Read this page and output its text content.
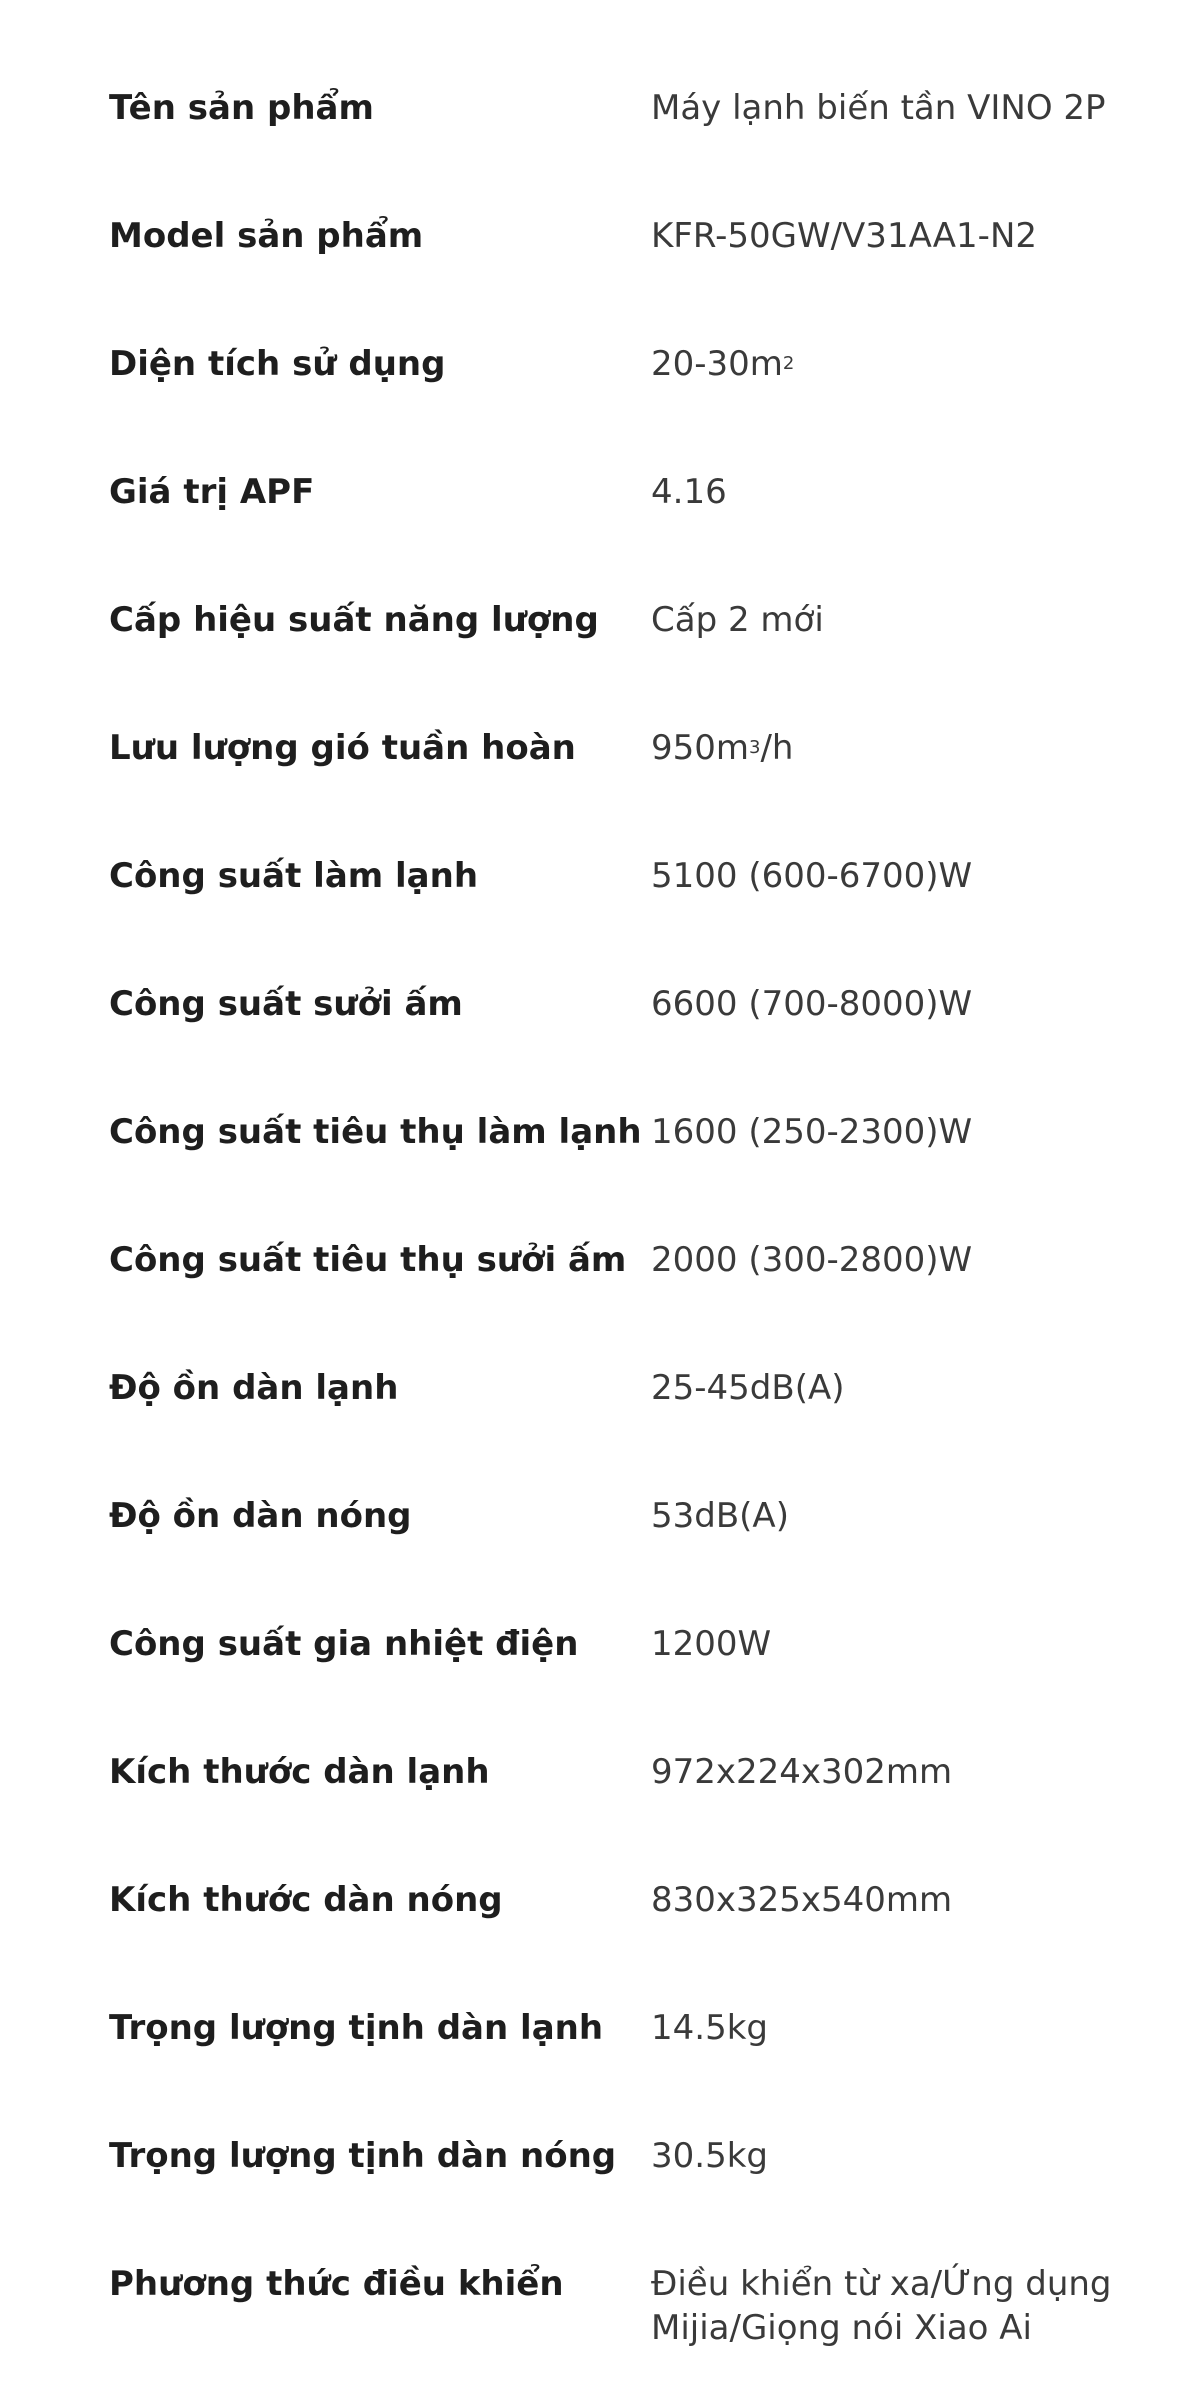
Tên sản phẩm	Máy lạnh biến tần VINO 2P
Model sản phẩm	KFR-50GW/V31AA1-N2
Diện tích sử dụng	$20-30m^2$
Giá trị APF	4.16
Cấp hiệu suất năng lượng	Cấp 2 mới
Lưu lượng gió tuần hoàn	$950m^3/h$
Công suất làm lạnh	5100 (600-6700)W
Công suất sưởi ấm	6600 (700-8000)W
Công suất tiêu thụ làm lạnh 1600 (250-2300)W
Công suất tiêu thụ sưởi ấm 2000 (300-2800)W
Độ ồn dàn lạnh	25-45dB(A)
Độ ồn dàn nóng	53dB(A)
Công suất gia nhiệt điện	1200W
Kích thước dàn lạnh	972x224x302mm
Kích thước dàn nóng	830x325x540mm
Trọng lượng tịnh dàn lạnh	14.5kg
Trọng lượng tịnh dàn nóng	30.5kg
Phương thức điều khiển	Điều khiển từ xa/Ứng dụng
Mijia/Giọng nói Xiao Ai
